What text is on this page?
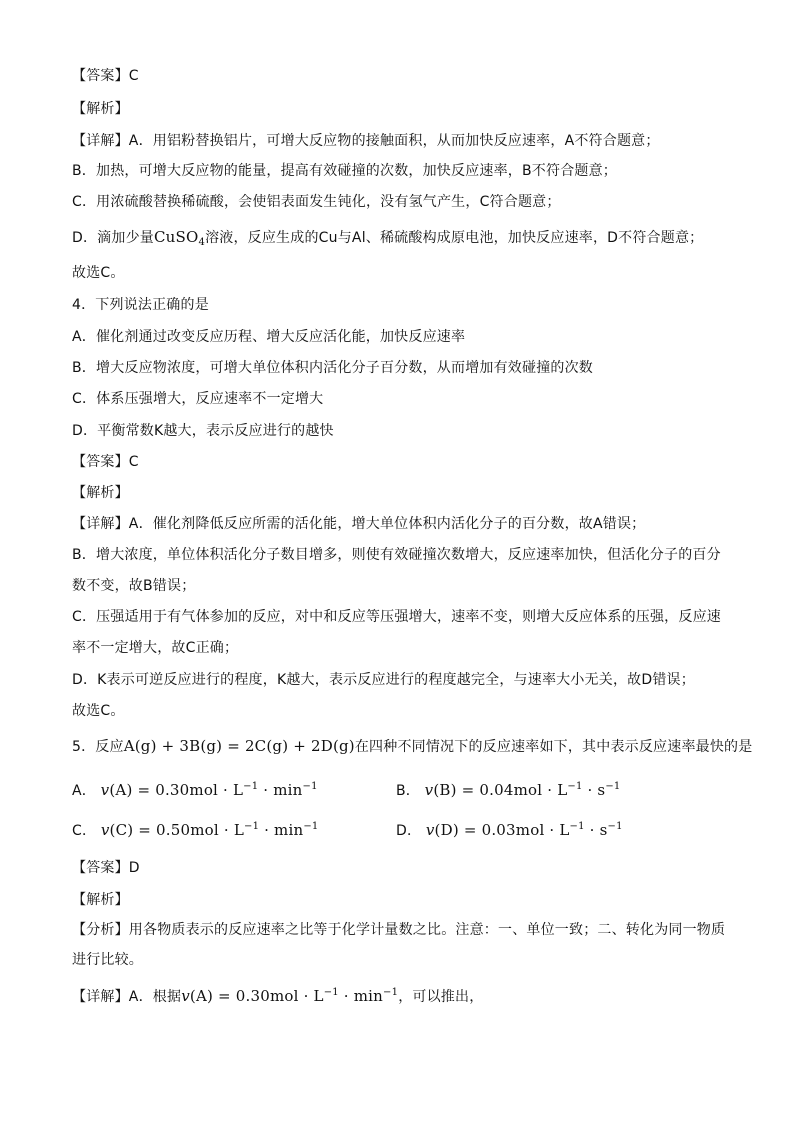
【答案】C
【解析】
【详解】A．用铝粉替换铝片，可增大反应物的接触面积，从而加快反应速率，A不符合题意；
B．加热，可增大反应物的能量，提高有效碰撞的次数，加快反应速率，B不符合题意；
C．用浓硫酸替换稀硫酸，会使铝表面发生钝化，没有氢气产生，C符合题意；
D．滴加少量CuSO$_4$溶液，反应生成的Cu与Al、稀硫酸构成原电池，加快反应速率，D不符合题意；
故选C。
4．下列说法正确的是
A．催化剂通过改变反应历程、增大反应活化能，加快反应速率
B．增大反应物浓度，可增大单位体积内活化分子百分数，从而增加有效碰撞的次数
C．体系压强增大，反应速率不一定增大
D．平衡常数K越大，表示反应进行的越快
【答案】C
【解析】
【详解】A．催化剂降低反应所需的活化能，增大单位体积内活化分子的百分数，故A错误；
B．增大浓度，单位体积活化分子数目增多，则使有效碰撞次数增大，反应速率加快，但活化分子的百分
数不变，故B错误；
C．压强适用于有气体参加的反应，对中和反应等压强增大，速率不变，则增大反应体系的压强，反应速
率不一定增大，故C正确；
D．K表示可逆反应进行的程度，K越大，表示反应进行的程度越完全，与速率大小无关，故D错误；
故选C。
5．反应A(g) + 3B(g) = 2C(g) + 2D(g)在四种不同情况下的反应速率如下，其中表示反应速率最快的是
A． $v(A) = 0.30mol \cdot L^{-1} \cdot \min^{-1}$	B． $v(B) = 0.04mol \cdot L^{-1} \cdot s^{-1}$
C． $v(C) = 0.50mol \cdot L^{-1} \cdot \min^{-1}$	D． $v(D) = 0.03mol \cdot L^{-1} \cdot s^{-1}$
【答案】D
【解析】
【分析】用各物质表示的反应速率之比等于化学计量数之比。注意：一、单位一致；二、转化为同一物质
进行比较。
【详解】A．根据$v(A) = 0.30mol \cdot L^{-1} \cdot \min^{-1}$，可以推出，
